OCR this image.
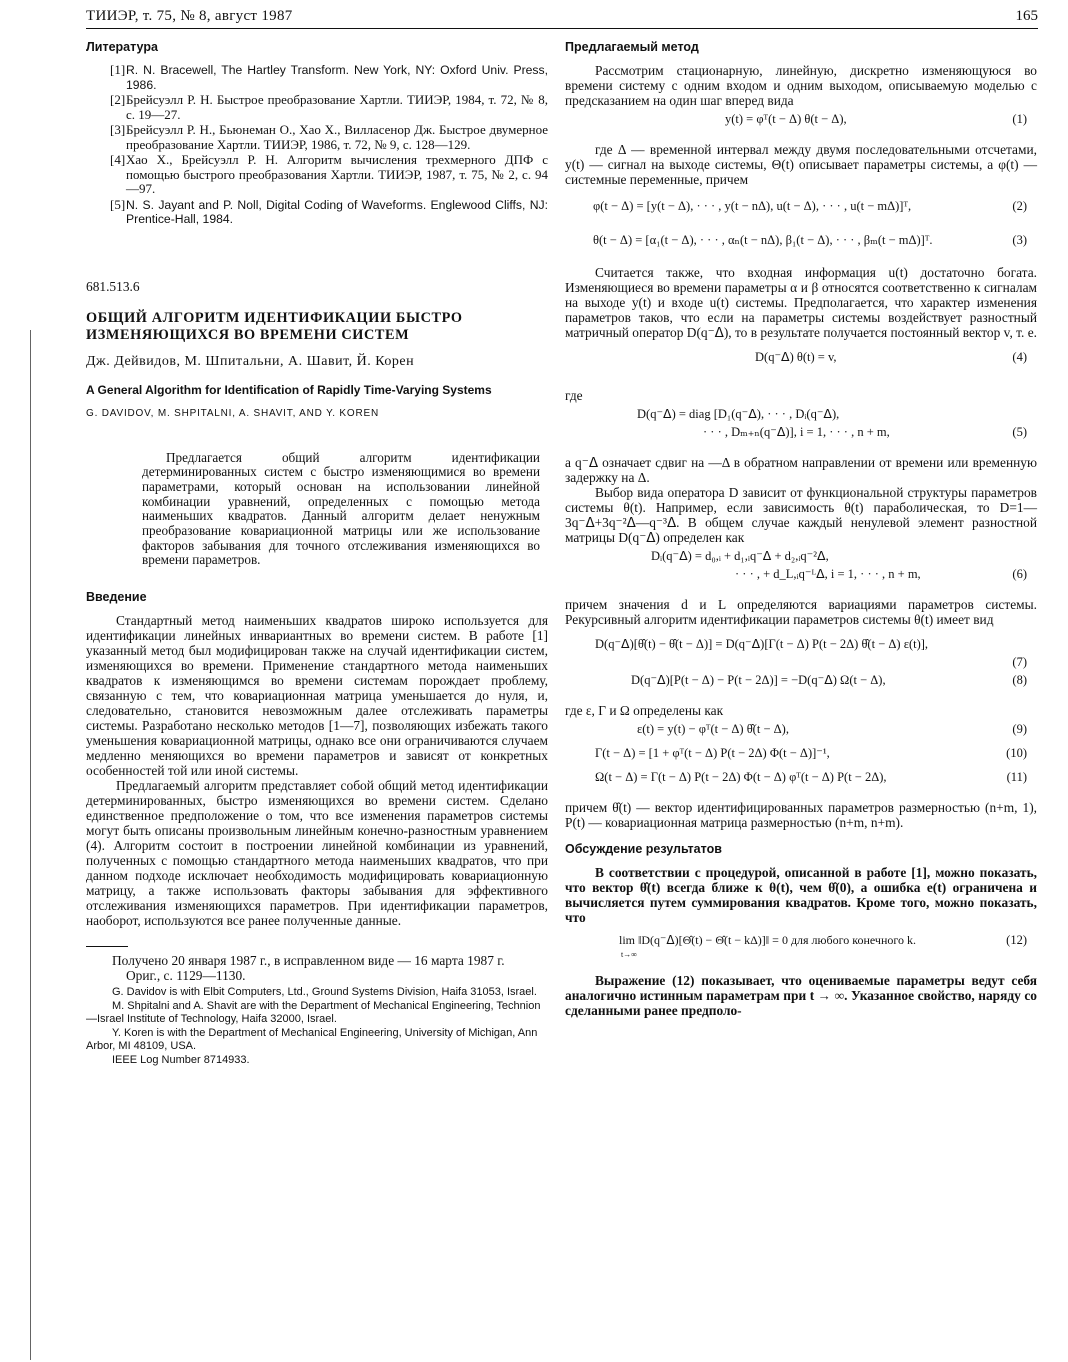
ТИИЭР, т. 75, № 8, август 1987	165
Литература
[1] R. N. Bracewell, The Hartley Transform. New York, NY: Oxford Univ. Press, 1986.
[2] Брейсуэлл Р. Н. Быстрое преобразование Хартли. ТИИЭР, 1984, т. 72, № 8, с. 19—27.
[3] Брейсуэлл Р. Н., Бьюнеман О., Хао Х., Вилласенор Дж. Быстрое двумерное преобразование Хартли. ТИИЭР, 1986, т. 72, № 9, с. 128—129.
[4] Хао Х., Брейсуэлл Р. Н. Алгоритм вычисления трехмерного ДПФ с помощью быстрого преобразования Хартли. ТИИЭР, 1987, т. 75, № 2, с. 94—97.
[5] N. S. Jayant and P. Noll, Digital Coding of Waveforms. Englewood Cliffs, NJ: Prentice-Hall, 1984.
681.513.6
ОБЩИЙ АЛГОРИТМ ИДЕНТИФИКАЦИИ БЫСТРО ИЗМЕНЯЮЩИХСЯ ВО ВРЕМЕНИ СИСТЕМ
Дж. Дейвидов, М. Шпитальни, А. Шавит, Й. Корен
A General Algorithm for Identification of Rapidly Time-Varying Systems
G. DAVIDOV, M. SHPITALNI, A. SHAVIT, AND Y. KOREN

Предлагается общий алгоритм идентификации детерминированных систем с быстро изменяющимися во времени параметрами, который основан на использовании линейной комбинации уравнений, определенных с помощью метода наименьших квадратов. Данный алгоритм делает ненужным преобразование ковариационной матрицы или же использование факторов забывания для точного отслеживания изменяющихся во времени параметров.

Введение

Стандартный метод наименьших квадратов широко используется для идентификации линейных инвариантных во времени систем. В работе [1] указанный метод был модифицирован также на случай идентификации систем, изменяющихся во времени. Применение стандартного метода наименьших квадратов к изменяющимся во времени системам порождает проблему, связанную с тем, что ковариационная матрица уменьшается до нуля, и, следовательно, становится невозможным далее отслеживать параметры системы. Разработано несколько методов [1—7], позволяющих избежать такого уменьшения ковариационной матрицы, однако все они ограничиваются случаем медленно меняющихся во времени параметров и зависят от конкретных особенностей той или иной системы.

Предлагаемый алгоритм представляет собой общий метод идентификации детерминированных, быстро изменяющихся во времени систем. Сделано единственное предположение о том, что все изменения параметров системы могут быть описаны произвольным линейным конечно-разностным уравнением (4). Алгоритм состоит в построении линейной комбинации из уравнений, полученных с помощью стандартного метода наименьших квадратов, что при данном подходе исключает необходимость модифицировать ковариационную матрицу, а также использовать факторы забывания для эффективного отслеживания изменяющихся параметров. При идентификации параметров, наоборот, используются все ранее полученные данные.

Получено 20 января 1987 г., в исправленном виде — 16 марта 1987 г.

Ориг., с. 1129—1130.

G. Davidov is with Elbit Computers, Ltd., Ground Systems Division, Haifa 31053, Israel.

M. Shpitalni and A. Shavit are with the Department of Mechanical Engineering, Technion—Israel Institute of Technology, Haifa 32000, Israel.

Y. Koren is with the Department of Mechanical Engineering, University of Michigan, Ann Arbor, MI 48109, USA.

IEEE Log Number 8714933.

Предлагаемый метод

Рассмотрим стационарную, линейную, дискретно изменяющуюся во времени систему с одним входом и одним выходом, описываемую моделью с предсказанием на один шаг вперед вида

y(t) = φᵀ(t − Δ) θ(t − Δ),	(1)

где Δ — временной интервал между двумя последовательными отсчетами, y(t) — сигнал на выходе системы, Θ(t) описывает параметры системы, а φ(t) — системные переменные, причем

φ(t − Δ) = [y(t − Δ), · · · , y(t − nΔ), u(t − Δ), · · · , u(t − mΔ)]ᵀ,	(2)
θ(t − Δ) = [α₁(t − Δ), · · · , αₙ(t − nΔ), β₁(t − Δ), · · · , βₘ(t − mΔ)]ᵀ.	(3)

Считается также, что входная информация u(t) достаточно богата. Изменяющиеся во времени параметры α и β относятся соответственно к сигналам на выходе y(t) и входе u(t) системы. Предполагается, что характер изменения параметров таков, что если на параметры системы воздействует разностный матричный оператор D(q⁻ᐃ), то в результате получается постоянный вектор v, т. е.

D(q⁻ᐃ) θ(t) = v,	(4)

где

D(q⁻ᐃ) = diag [D₁(q⁻ᐃ), · · · , Dᵢ(q⁻ᐃ),
· · · , Dₘ₊ₙ(q⁻ᐃ)], i = 1, · · · , n + m,	(5)

а q⁻ᐃ означает сдвиг на —Δ в обратном направлении от времени или временную задержку на Δ.

Выбор вида оператора D зависит от функциональной структуры параметров системы θ(t). Например, если зависимость θ(t) параболическая, то D=1—3q⁻ᐃ+3q⁻²ᐃ—q⁻³ᐃ. В общем случае каждый ненулевой элемент разностной матрицы D(q⁻ᐃ) определен как

Dᵢ(q⁻ᐃ) = d₀,ᵢ + d₁,ᵢq⁻ᐃ + d₂,ᵢq⁻²ᐃ,
· · · , + d_L,ᵢq⁻ᴸᐃ, i = 1, · · · , n + m,	(6)

причем значения d и L определяются вариациями параметров системы. Рекурсивный алгоритм идентификации параметров системы θ(t) имеет вид

D(q⁻ᐃ)[θ̂(t) − θ̂(t − Δ)] = D(q⁻ᐃ)[Γ(t − Δ) P(t − 2Δ) θ̂(t − Δ) ε(t)],
(7)
D(q⁻ᐃ)[P(t − Δ) − P(t − 2Δ)] = −D(q⁻ᐃ) Ω(t − Δ),	(8)

где ε, Γ и Ω определены как

ε(t) = y(t) − φᵀ(t − Δ) θ̂(t − Δ),	(9)
Γ(t − Δ) = [1 + φᵀ(t − Δ) P(t − 2Δ) Φ(t − Δ)]⁻¹,	(10)
Ω(t − Δ) = Γ(t − Δ) P(t − 2Δ) Φ(t − Δ) φᵀ(t − Δ) P(t − 2Δ),	(11)

причем θ̂(t) — вектор идентифицированных параметров размерностью (n+m, 1), P(t) — ковариационная матрица размерностью (n+m, n+m).

Обсуждение результатов

В соответствии с процедурой, описанной в работе [1], можно показать, что вектор θ̂(t) всегда ближе к θ(t), чем θ̂(0), а ошибка e(t) ограничена и вычисляется путем суммирования квадратов. Кроме того, можно показать, что

lim ‖D(q⁻ᐃ)[Θ̂(t) − Θ̂(t − kΔ)]‖ = 0 для любого конечного k.
t→∞
(12)

Выражение (12) показывает, что оцениваемые параметры ведут себя аналогично истинным параметрам при t → ∞. Указанное свойство, наряду со сделанными ранее предполо-
